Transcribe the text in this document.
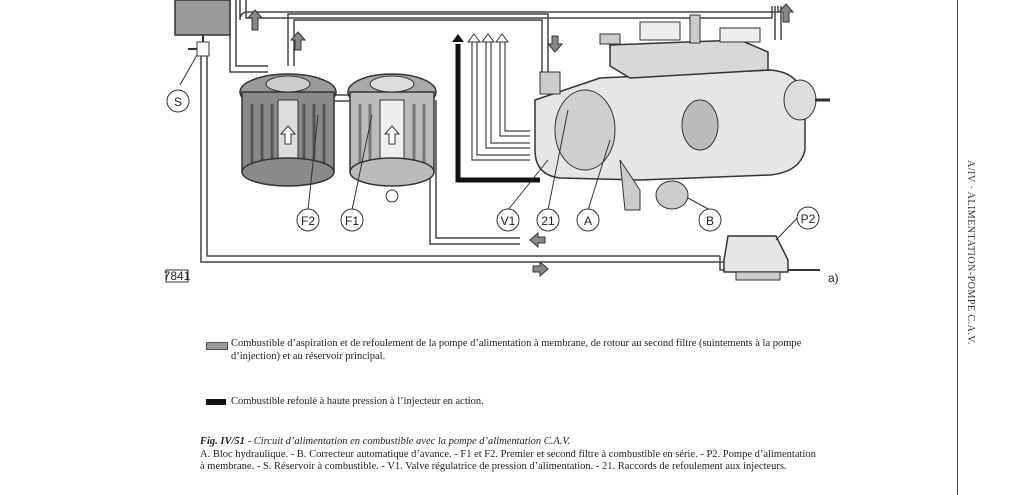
S
F2 F1	V1 21 A	B	P2
7841	a)	A/IV · ALIMENTATION-POMPE C.A.V.
Combustible d’aspiration et de refoulement de la pompe d’alimentation à membrane, de rotour au second filtre (suintements à la pompe d’injection) et au réservoir principal.
Combustible refoulé à haute pression à l’injecteur en action.
Fig. IV/51 - Circuit d’alimentation en combustible avec la pompe d’alimentation C.A.V.
A. Bloc hydraulique. - B. Correcteur automatique d’avance. - F1 et F2. Premier et second filtre à combustible en série. - P2. Pompe d’alimentation à membrane. - S. Réservoir à combustible. - V1. Valve régulatrice de pression d’alimentation. - 21. Raccords de refoulement aux injecteurs.
